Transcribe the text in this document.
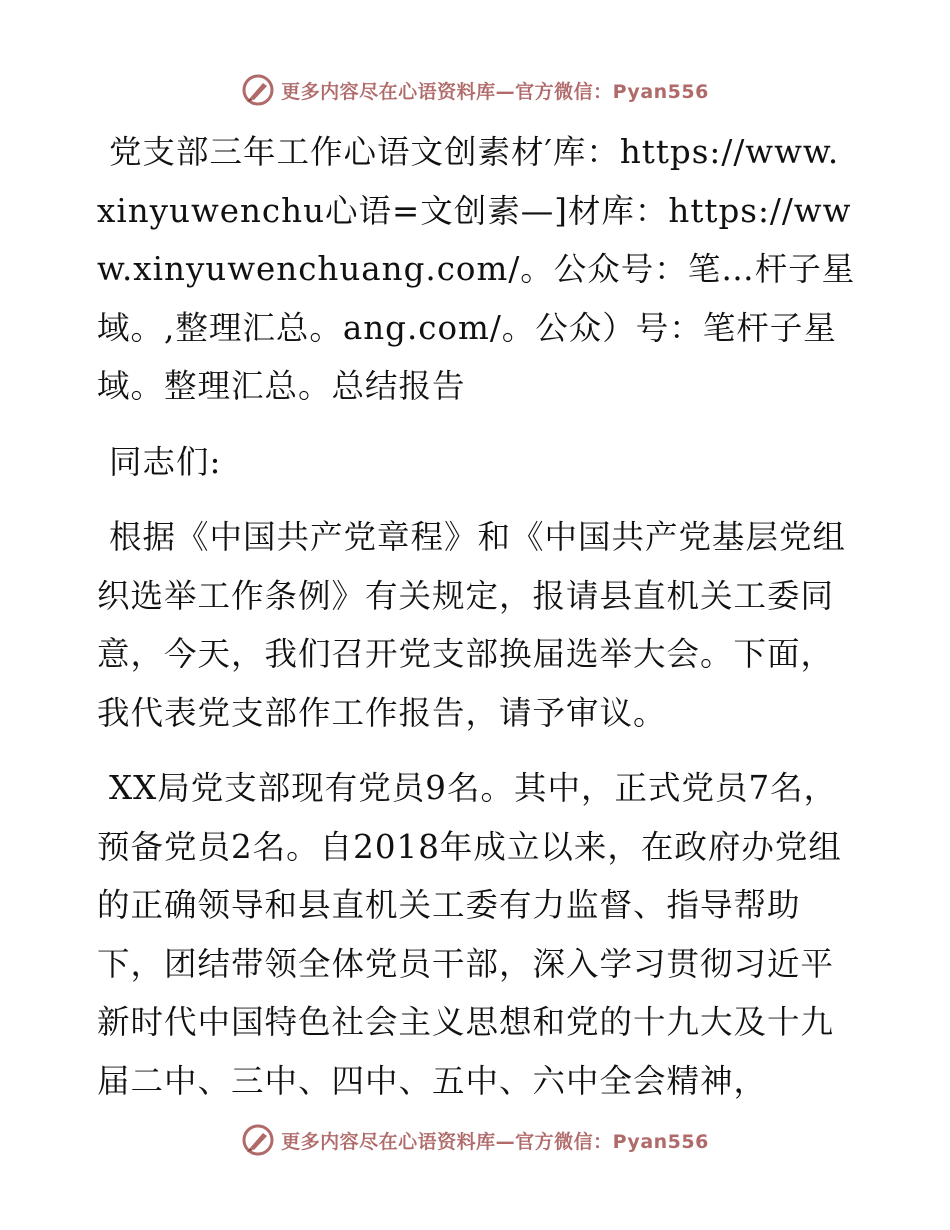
更多内容尽在心语资料库—官方微信：Pyan556

党支部三年工作心语文创素材′库：https://www.xinyuwenchu心语=文创素—]材库：https://www.xinyuwenchuang.com/。公众号：笔…杆子星域。,整理汇总。ang.com/。公众）号：笔杆子星域。整理汇总。总结报告

同志们:

根据《中国共产党章程》和《中国共产党基层党组织选举工作条例》有关规定，报请县直机关工委同意，今天，我们召开党支部换届选举大会。下面，我代表党支部作工作报告，请予审议。

XX局党支部现有党员9名。其中，正式党员7名，预备党员2名。自2018年成立以来，在政府办党组的正确领导和县直机关工委有力监督、指导帮助下，团结带领全体党员干部，深入学习贯彻习近平新时代中国特色社会主义思想和党的十九大及十九届二中、三中、四中、五中、六中全会精神，

更多内容尽在心语资料库—官方微信：Pyan556
